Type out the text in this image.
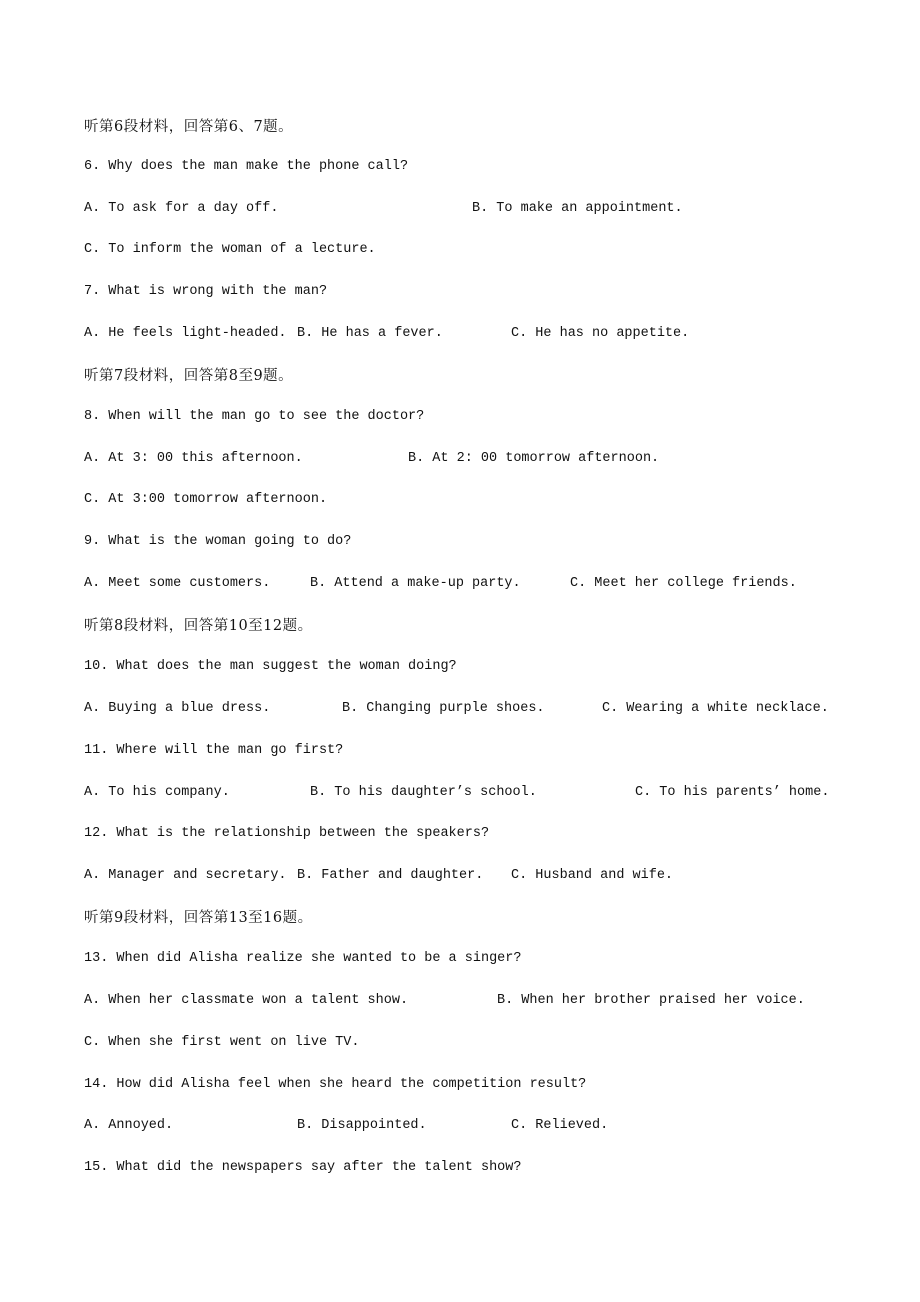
听第6段材料，回答第6、7题。
6. Why does the man make the phone call?
A. To ask for a day off.	B. To make an appointment.
C. To inform the woman of a lecture.
7. What is wrong with the man?
A. He feels light-headed. B. He has a fever.	C. He has no appetite.
听第7段材料，回答第8至9题。
8. When will the man go to see the doctor?
A. At 3: 00 this afternoon.	B. At 2: 00 tomorrow afternoon.
C. At 3:00 tomorrow afternoon.
9. What is the woman going to do?
A. Meet some customers.	B. Attend a make-up party.	C. Meet her college friends.
听第8段材料，回答第10至12题。
10. What does the man suggest the woman doing?
A. Buying a blue dress.	B. Changing purple shoes.	C. Wearing a white necklace.
11. Where will the man go first?
A. To his company.	B. To his daughter’s school.	C. To his parents’ home.
12. What is the relationship between the speakers?
A. Manager and secretary. B. Father and daughter. C. Husband and wife.
听第9段材料，回答第13至16题。
13. When did Alisha realize she wanted to be a singer?
A. When her classmate won a talent show.	B. When her brother praised her voice.
C. When she first went on live TV.
14. How did Alisha feel when she heard the competition result?
A. Annoyed.	B. Disappointed.	C. Relieved.
15. What did the newspapers say after the talent show?
